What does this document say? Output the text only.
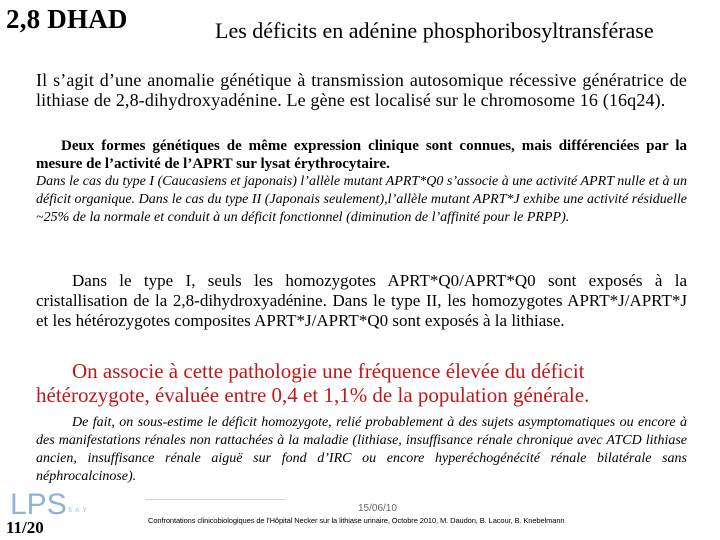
2,8 DHAD	Les déficits en adénine phosphoribosyltransférase
Il s’agit d’une anomalie génétique à transmission autosomique récessive génératrice de lithiase de 2,8-dihydroxyadénine. Le gène est localisé sur le chromosome 16 (16q24).
Deux formes génétiques de même expression clinique sont connues, mais différenciées par la mesure de l’activité de l’APRT sur lysat érythrocytaire.
Dans le cas du type I (Caucasiens et japonais) l’allèle mutant APRT*Q0 s’associe à une activité APRT nulle et à un déficit organique. Dans le cas du type II (Japonais seulement),l’allèle mutant APRT*J exhibe une activité résiduelle ~25% de la normale et conduit à un déficit fonctionnel (diminution de l’affinité pour le PRPP).
Dans le type I, seuls les homozygotes APRT*Q0/APRT*Q0 sont exposés à la cristallisation de la 2,8-dihydroxyadénine. Dans le type II, les homozygotes APRT*J/APRT*J et les hétérozygotes composites APRT*J/APRT*Q0 sont exposés à la lithiase.
On associe à cette pathologie une fréquence élevée du déficit hétérozygote, évaluée entre 0,4 et 1,1% de la population générale.
De fait, on sous-estime le déficit homozygote, relié probablement à des sujets asymptomatiques ou encore à des manifestations rénales non rattachées à la maladie (lithiase, insuffisance rénale chronique avec ATCD lithiase ancien, insuffisance rénale aiguë sur fond d’IRC ou encore hyperéchogénécité rénale bilatérale sans néphrocalcinose).
LPS S A Y
11/20
15/06/10
Confrontations clinicobiologiques de l’Hôpital Necker sur la lithiase urinaire, Octobre 2010, M. Daudon, B. Lacour, B. Knebelmann
